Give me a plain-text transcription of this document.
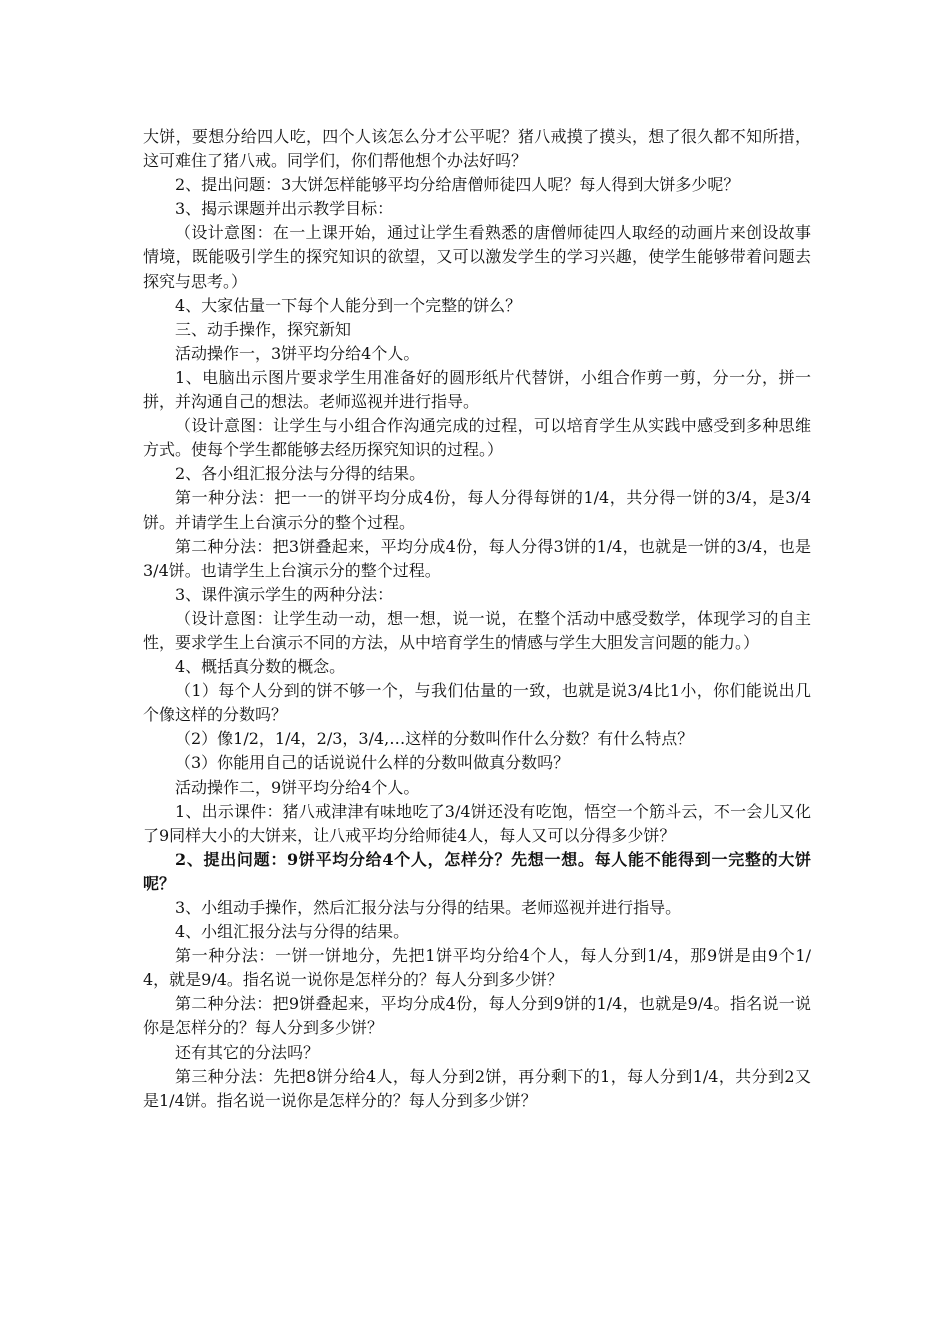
大饼，要想分给四人吃，四个人该怎么分才公平呢？猪八戒摸了摸头，想了很久都不知所措，这可难住了猪八戒。同学们，你们帮他想个办法好吗？

2、提出问题：3大饼怎样能够平均分给唐僧师徒四人呢？每人得到大饼多少呢？

3、揭示课题并出示教学目标：

（设计意图：在一上课开始，通过让学生看熟悉的唐僧师徒四人取经的动画片来创设故事情境，既能吸引学生的探究知识的欲望，又可以激发学生的学习兴趣，使学生能够带着问题去探究与思考。）

4、大家估量一下每个人能分到一个完整的饼么？

三、动手操作，探究新知

活动操作一，3饼平均分给4个人。

1、电脑出示图片要求学生用准备好的圆形纸片代替饼，小组合作剪一剪，分一分，拼一拼，并沟通自己的想法。老师巡视并进行指导。

（设计意图：让学生与小组合作沟通完成的过程，可以培育学生从实践中感受到多种思维方式。使每个学生都能够去经历探究知识的过程。）

2、各小组汇报分法与分得的结果。

第一种分法：把一一的饼平均分成4份，每人分得每饼的1/4，共分得一饼的3/4，是3/4饼。并请学生上台演示分的整个过程。

第二种分法：把3饼叠起来，平均分成4份，每人分得3饼的1/4，也就是一饼的3/4，也是3/4饼。也请学生上台演示分的整个过程。

3、课件演示学生的两种分法：

（设计意图：让学生动一动，想一想，说一说，在整个活动中感受数学，体现学习的自主性，要求学生上台演示不同的方法，从中培育学生的情感与学生大胆发言问题的能力。）

4、概括真分数的概念。

（1）每个人分到的饼不够一个，与我们估量的一致，也就是说3/4比1小，你们能说出几个像这样的分数吗？

（2）像1/2，1/4，2/3，3/4,…这样的分数叫作什么分数？有什么特点？

（3）你能用自己的话说说什么样的分数叫做真分数吗？

活动操作二，9饼平均分给4个人。

1、出示课件：猪八戒津津有味地吃了3/4饼还没有吃饱，悟空一个筋斗云，不一会儿又化了9同样大小的大饼来，让八戒平均分给师徒4人，每人又可以分得多少饼？

2、提出问题：9饼平均分给4个人，怎样分？先想一想。每人能不能得到一完整的大饼呢？

3、小组动手操作，然后汇报分法与分得的结果。老师巡视并进行指导。

4、小组汇报分法与分得的结果。

第一种分法：一饼一饼地分，先把1饼平均分给4个人，每人分到1/4，那9饼是由9个1/4，就是9/4。指名说一说你是怎样分的？每人分到多少饼？

第二种分法：把9饼叠起来，平均分成4份，每人分到9饼的1/4，也就是9/4。指名说一说你是怎样分的？每人分到多少饼？

还有其它的分法吗？

第三种分法：先把8饼分给4人，每人分到2饼，再分剩下的1，每人分到1/4，共分到2又是1/4饼。指名说一说你是怎样分的？每人分到多少饼？
